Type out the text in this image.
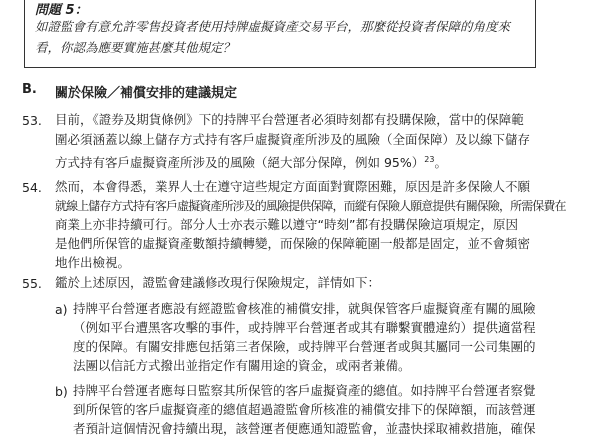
問題 5：
如證監會有意允許零售投資者使用持牌虛擬資產交易平台，那麼從投資者保障的角度來
看，你認為應要實施甚麼其他規定？
B. 關於保險／補償安排的建議規定
53. 目前，《證券及期貨條例》下的持牌平台營運者必須時刻都有投購保險，當中的保障範
圍必須涵蓋以線上儲存方式持有客戶虛擬資產所涉及的風險（全面保障）及以線下儲存
方式持有客戶虛擬資產所涉及的風險（絕大部分保障，例如 95%）$^{23}$。
54. 然而，本會得悉，業界人士在遵守這些規定方面面對實際困難，原因是許多保險人不願
就線上儲存方式持有客戶虛擬資產所涉及的風險提供保障，而縱有保險人願意提供有關保險，所需保費在
商業上亦非持續可行。部分人士亦表示難以遵守“時刻”都有投購保險這項規定，原因
是他們所保管的虛擬資產數額持續轉變，而保險的保障範圍一般都是固定，並不會頻密
地作出檢視。
55. 鑑於上述原因，證監會建議修改現行保險規定，詳情如下：
a) 持牌平台營運者應設有經證監會核准的補償安排，就與保管客戶虛擬資產有關的風險
（例如平台遭黑客攻擊的事件，或持牌平台營運者或其有聯繫實體違約）提供適當程
度的保障。有關安排應包括第三者保險，或持牌平台營運者或與其屬同一公司集團的
法團以信託方式撥出並指定作有關用途的資金，或兩者兼備。
b) 持牌平台營運者應每日監察其所保管的客戶虛擬資產的總值。如持牌平台營運者察覺
到所保管的客戶虛擬資產的總值超過證監會所核准的補償安排下的保障額，而該營運
者預計這個情況會持續出現，該營運者便應通知證監會，並盡快採取補救措施，確保
